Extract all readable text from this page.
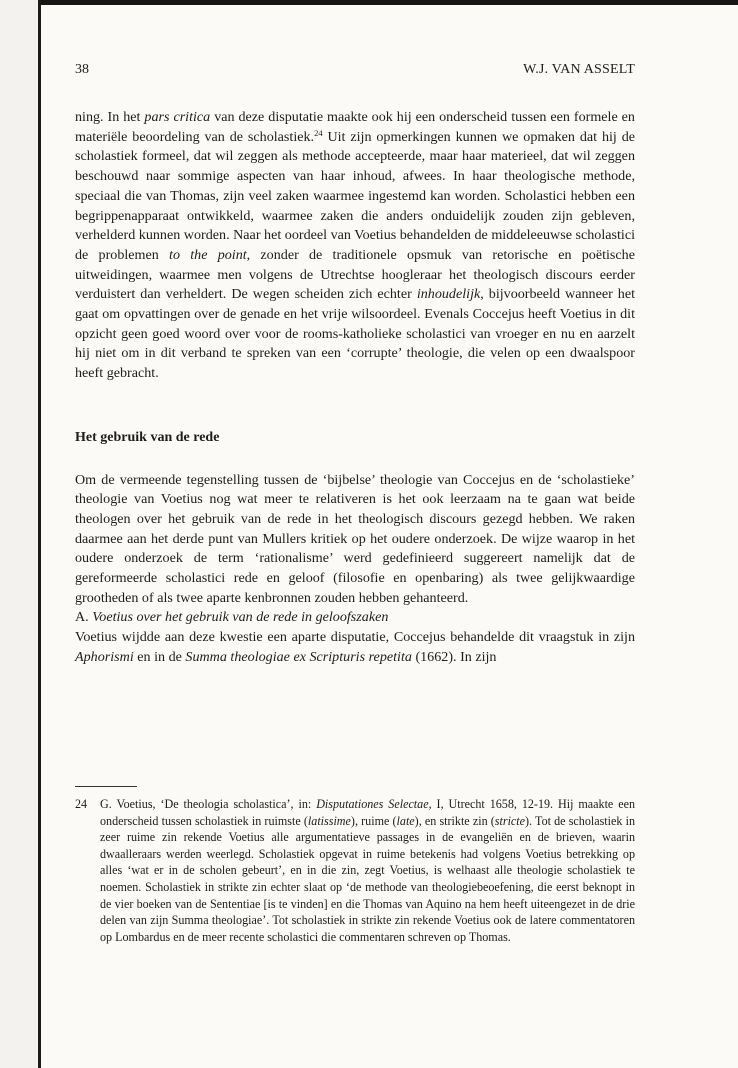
38	W.J. VAN ASSELT

ning. In het pars critica van deze disputatie maakte ook hij een onderscheid tussen een formele en materiële beoordeling van de scholastiek.$^{24}$ Uit zijn opmerkingen kunnen we opmaken dat hij de scholastiek formeel, dat wil zeggen als methode accepteerde, maar haar materieel, dat wil zeggen beschouwd naar sommige aspecten van haar inhoud, afwees. In haar theologische methode, speciaal die van Thomas, zijn veel zaken waarmee ingestemd kan worden. Scholastici hebben een begrippenapparaat ontwikkeld, waarmee zaken die anders onduidelijk zouden zijn gebleven, verhelderd kunnen worden. Naar het oordeel van Voetius behandelden de middeleeuwse scholastici de problemen to the point, zonder de traditionele opsmuk van retorische en poëtische uitweidingen, waarmee men volgens de Utrechtse hoogleraar het theologisch discours eerder verduistert dan verheldert. De wegen scheiden zich echter inhoudelijk, bijvoorbeeld wanneer het gaat om opvattingen over de genade en het vrije wilsoordeel. Evenals Coccejus heeft Voetius in dit opzicht geen goed woord over voor de rooms-katholieke scholastici van vroeger en nu en aarzelt hij niet om in dit verband te spreken van een ‘corrupte’ theologie, die velen op een dwaalspoor heeft gebracht.

Het gebruik van de rede

Om de vermeende tegenstelling tussen de ‘bijbelse’ theologie van Coccejus en de ‘scholastieke’ theologie van Voetius nog wat meer te relativeren is het ook leerzaam na te gaan wat beide theologen over het gebruik van de rede in het theologisch discours gezegd hebben. We raken daarmee aan het derde punt van Mullers kritiek op het oudere onderzoek. De wijze waarop in het oudere onderzoek de term ‘rationalisme’ werd gedefinieerd suggereert namelijk dat de gereformeerde scholastici rede en geloof (filosofie en openbaring) als twee gelijkwaardige grootheden of als twee aparte kenbronnen zouden hebben gehanteerd.

A. Voetius over het gebruik van de rede in geloofszaken

Voetius wijdde aan deze kwestie een aparte disputatie, Coccejus behandelde dit vraagstuk in zijn Aphorismi en in de Summa theologiae ex Scripturis repetita (1662). In zijn

24 G. Voetius, ‘De theologia scholastica’, in: Disputationes Selectae, I, Utrecht 1658, 12-19. Hij maakte een onderscheid tussen scholastiek in ruimste (latissime), ruime (late), en strikte zin (stricte). Tot de scholastiek in zeer ruime zin rekende Voetius alle argumentatieve passages in de evangeliën en de brieven, waarin dwaalleraars werden weerlegd. Scholastiek opgevat in ruime betekenis had volgens Voetius betrekking op alles ‘wat er in de scholen gebeurt’, en in die zin, zegt Voetius, is welhaast alle theologie scholastiek te noemen. Scholastiek in strikte zin echter slaat op ‘de methode van theologiebeoefening, die eerst beknopt in de vier boeken van de Sententiae [is te vinden] en die Thomas van Aquino na hem heeft uiteengezet in de drie delen van zijn Summa theologiae’. Tot scholastiek in strikte zin rekende Voetius ook de latere commentatoren op Lombardus en de meer recente scholastici die commentaren schreven op Thomas.
